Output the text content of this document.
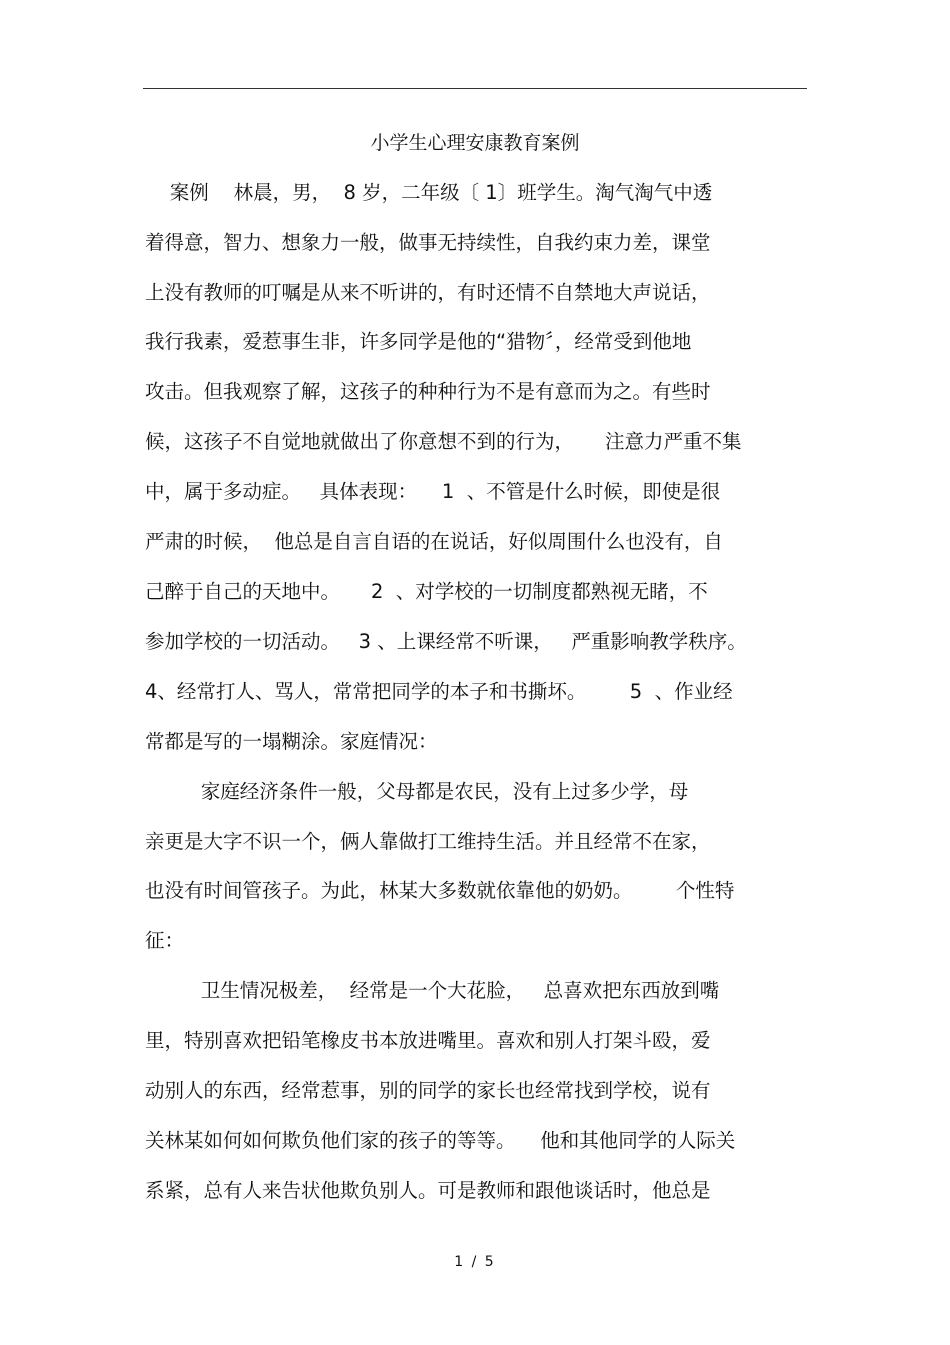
小学生心理安康教育案例
案例    林晨，男，  8 岁，二年级〔 1〕班学生。淘气淘气中透
着得意，智力、想象力一般，做事无持续性，自我约束力差，课堂
上没有教师的叮嘱是从来不听讲的，有时还情不自禁地大声说话，
我行我素，爱惹事生非，许多同学是他的“猎物〞，经常受到他地
攻击。但我观察了解，这孩子的种种行为不是有意而为之。有些时
候，这孩子不自觉地就做出了你意想不到的行为，     注意力严重不集
中，属于多动症。   具体表现：    1  、不管是什么时候，即使是很
严肃的时候，  他总是自言自语的在说话，好似周围什么也没有，自
己醉于自己的天地中。     2  、对学校的一切制度都熟视无睹，不
参加学校的一切活动。   3 、上课经常不听课，   严重影响教学秩序。
4、经常打人、骂人，常常把同学的本子和书撕坏。       5  、作业经
常都是写的一塌糊涂。家庭情况：
家庭经济条件一般，父母都是农民，没有上过多少学，母
亲更是大字不识一个，俩人靠做打工维持生活。并且经常不在家，
也没有时间管孩子。为此，林某大多数就依靠他的奶奶。       个性特
征：
卫生情况极差，  经常是一个大花脸，   总喜欢把东西放到嘴
里，特别喜欢把铅笔橡皮书本放进嘴里。喜欢和别人打架斗殴，爱
动别人的东西，经常惹事，别的同学的家长也经常找到学校，说有
关林某如何如何欺负他们家的孩子的等等。    他和其他同学的人际关
系紧，总有人来告状他欺负别人。可是教师和跟他谈话时，他总是
1 / 5
